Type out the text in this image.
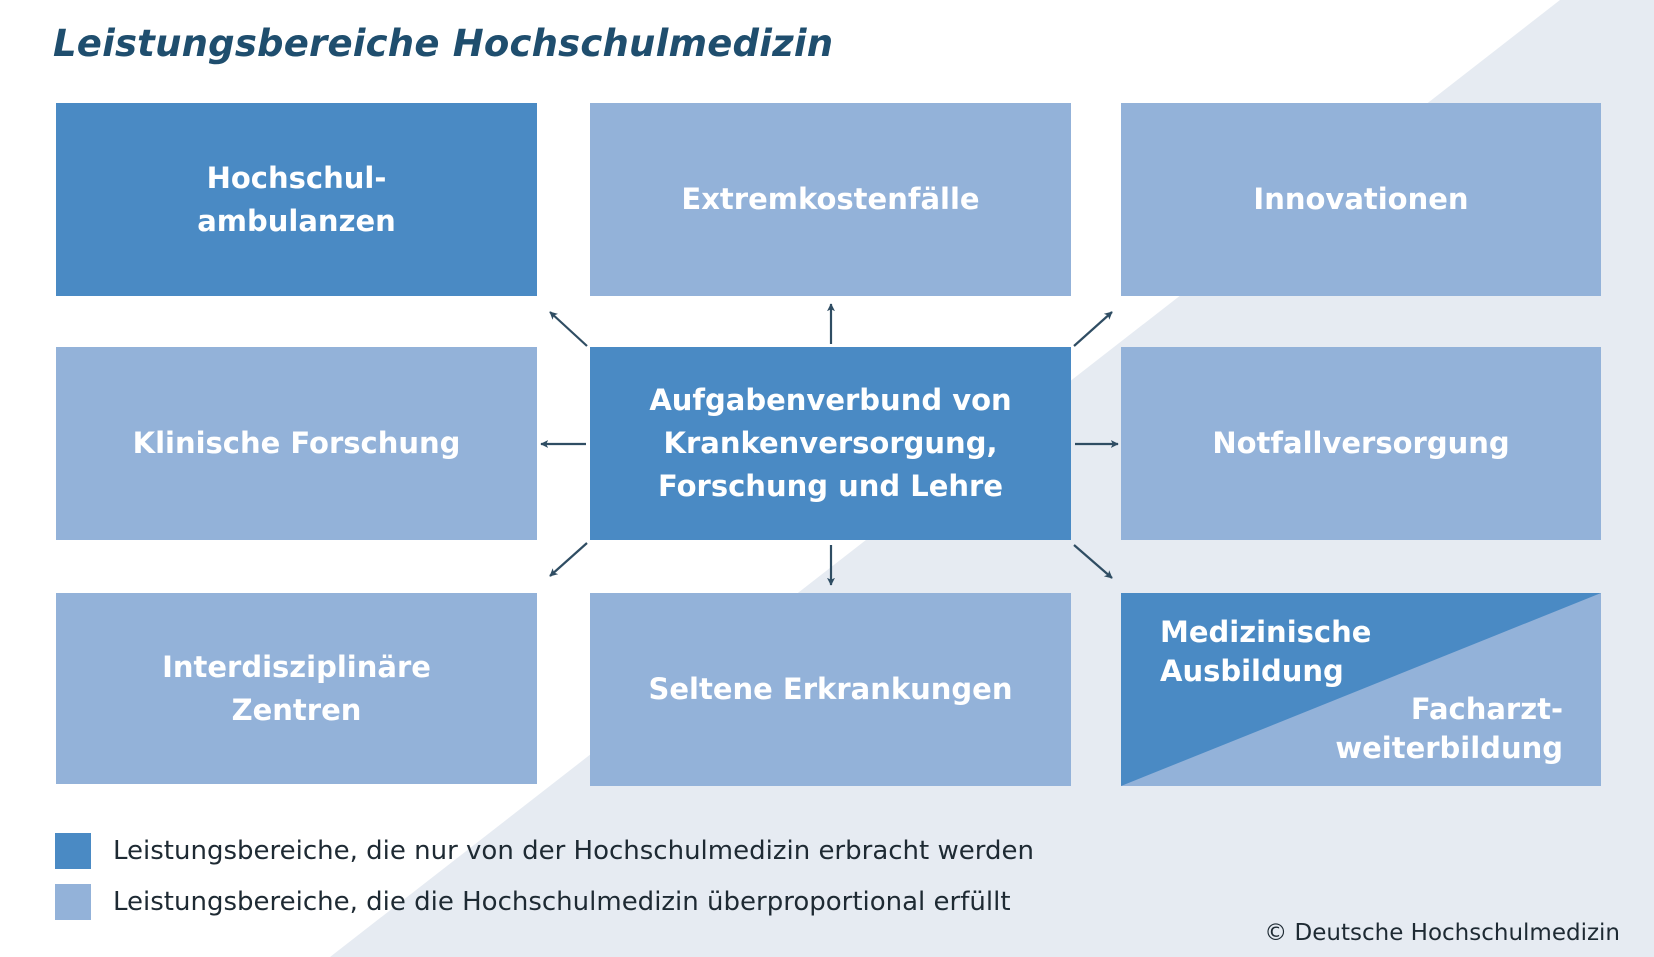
Leistungsbereiche Hochschulmedizin
Hochschul-
ambulanzen
Extremkostenfälle	Innovationen
Klinische Forschung
Aufgabenverbund von
Krankenversorgung,
Forschung und Lehre
Notfallversorgung
Interdisziplinäre
Zentren
Seltene Erkrankungen
Medizinische
Ausbildung
Facharzt-
weiterbildung
Leistungsbereiche, die nur von der Hochschulmedizin erbracht werden
Leistungsbereiche, die die Hochschulmedizin überproportional erfüllt
© Deutsche Hochschulmedizin
